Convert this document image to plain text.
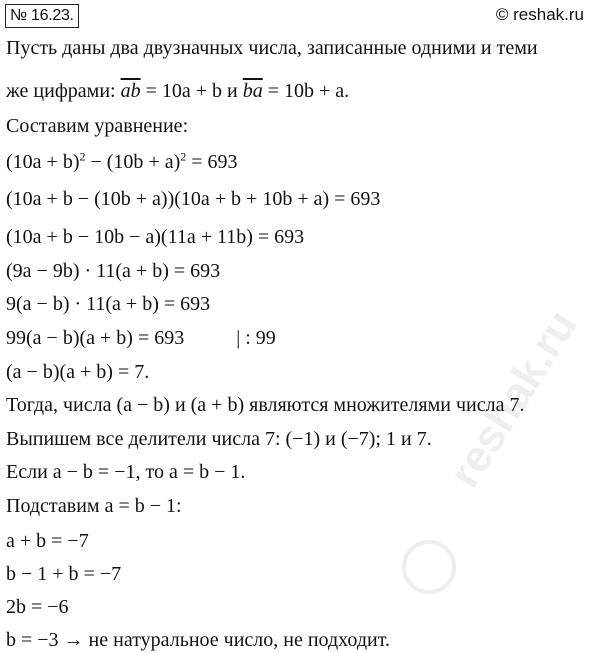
№ 16.23.	© reshak.ru
Пусть даны два двузначных числа, записанные одними и теми
же цифрами: $\overline{ab} = 10a + b$ и $\overline{ba} = 10b + a$.
Составим уравнение:
$(10a + b)^2 - (10b + a)^2 = 693$
(10a + b − (10b + a))(10a + b + 10b + a) = 693
(10a + b − 10b − a)(11a + 11b) = 693
(9a − 9b) · 11(a + b) = 693
9(a − b) · 11(a + b) = 693
99(a − b)(a + b) = 693	| : 99
(a − b)(a + b) = 7.
Тогда, числа (a − b) и (a + b) являются множителями числа 7.
Выпишем все делители числа 7: (−1) и (−7); 1 и 7.
Если a − b = −1, то a = b − 1.
Подставим a = b − 1:
a + b = −7
b − 1 + b = −7
2b = −6
b = −3 → не натуральное число, не подходит.
reshak.ru
